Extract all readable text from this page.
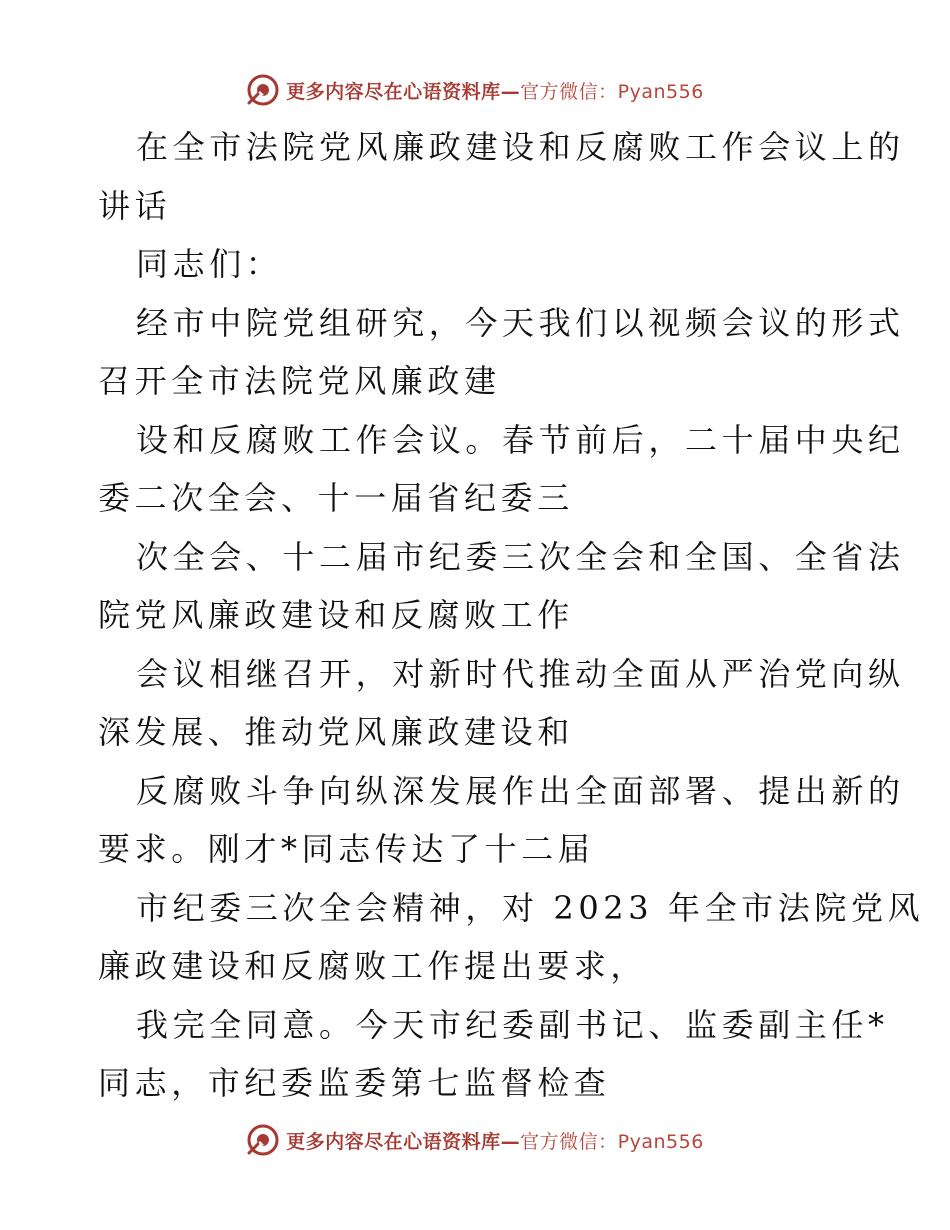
更多内容尽在心语资料库—官方微信：Pyan556
在全市法院党风廉政建设和反腐败工作会议上的
讲话
同志们：
经市中院党组研究，今天我们以视频会议的形式
召开全市法院党风廉政建
设和反腐败工作会议。春节前后，二十届中央纪
委二次全会、十一届省纪委三
次全会、十二届市纪委三次全会和全国、全省法
院党风廉政建设和反腐败工作
会议相继召开，对新时代推动全面从严治党向纵
深发展、推动党风廉政建设和
反腐败斗争向纵深发展作出全面部署、提出新的
要求。刚才*同志传达了十二届
市纪委三次全会精神，对 2023 年全市法院党风
廉政建设和反腐败工作提出要求，
我完全同意。今天市纪委副书记、监委副主任*
同志，市纪委监委第七监督检查
更多内容尽在心语资料库—官方微信：Pyan556
